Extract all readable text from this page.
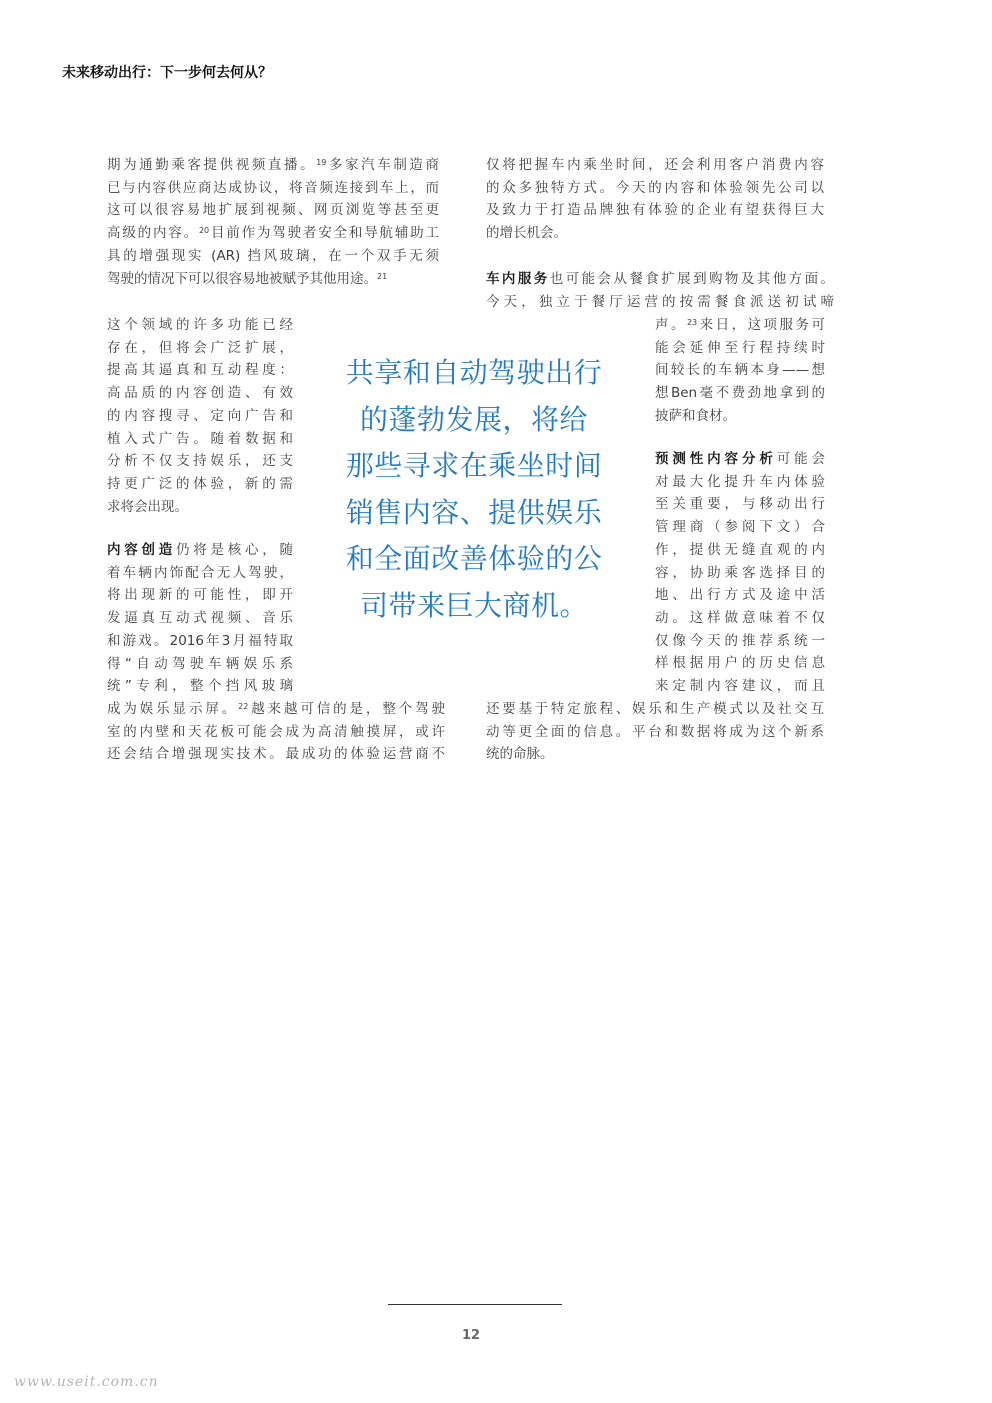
未来移动出行：下一步何去何从？

期为通勤乘客提供视频直播。$^{19}$多家汽车制造商

已与内容供应商达成协议，将音频连接到车上，而

这可以很容易地扩展到视频、网页浏览等甚至更

高级的内容。$^{20}$目前作为驾驶者安全和导航辅助工

具的增强现实 (AR) 挡风玻璃，在一个双手无须

驾驶的情况下可以很容易地被赋予其他用途。$^{21}$

这个领域的许多功能已经

存在，但将会广泛扩展，

提高其逼真和互动程度：

高品质的内容创造、有效

的内容搜寻、定向广告和

植入式广告。随着数据和

分析不仅支持娱乐，还支

持更广泛的体验，新的需

求将会出现。

内容创造仍将是核心，随

着车辆内饰配合无人驾驶，

将出现新的可能性，即开

发逼真互动式视频、音乐

和游戏。2016年3月福特取

得“自动驾驶车辆娱乐系

统”专利，整个挡风玻璃

成为娱乐显示屏。$^{22}$越来越可信的是，整个驾驶

室的内壁和天花板可能会成为高清触摸屏，或许

还会结合增强现实技术。最成功的体验运营商不

仅将把握车内乘坐时间，还会利用客户消费内容

的众多独特方式。今天的内容和体验领先公司以

及致力于打造品牌独有体验的企业有望获得巨大

的增长机会。

车内服务也可能会从餐食扩展到购物及其他方面。

今天，独立于餐厅运营的按需餐食派送初试啼

声。$^{23}$来日，这项服务可

能会延伸至行程持续时

间较长的车辆本身——想

想Ben毫不费劲地拿到的

披萨和食材。

预测性内容分析可能会

对最大化提升车内体验

至关重要，与移动出行

管理商（参阅下文）合

作，提供无缝直观的内

容，协助乘客选择目的

地、出行方式及途中活

动。这样做意味着不仅

仅像今天的推荐系统一

样根据用户的历史信息

来定制内容建议，而且

还要基于特定旅程、娱乐和生产模式以及社交互

动等更全面的信息。平台和数据将成为这个新系

统的命脉。

共享和自动驾驶出行
的蓬勃发展，将给
那些寻求在乘坐时间
销售内容、提供娱乐
和全面改善体验的公
司带来巨大商机。
12
www.useit.com.cn
